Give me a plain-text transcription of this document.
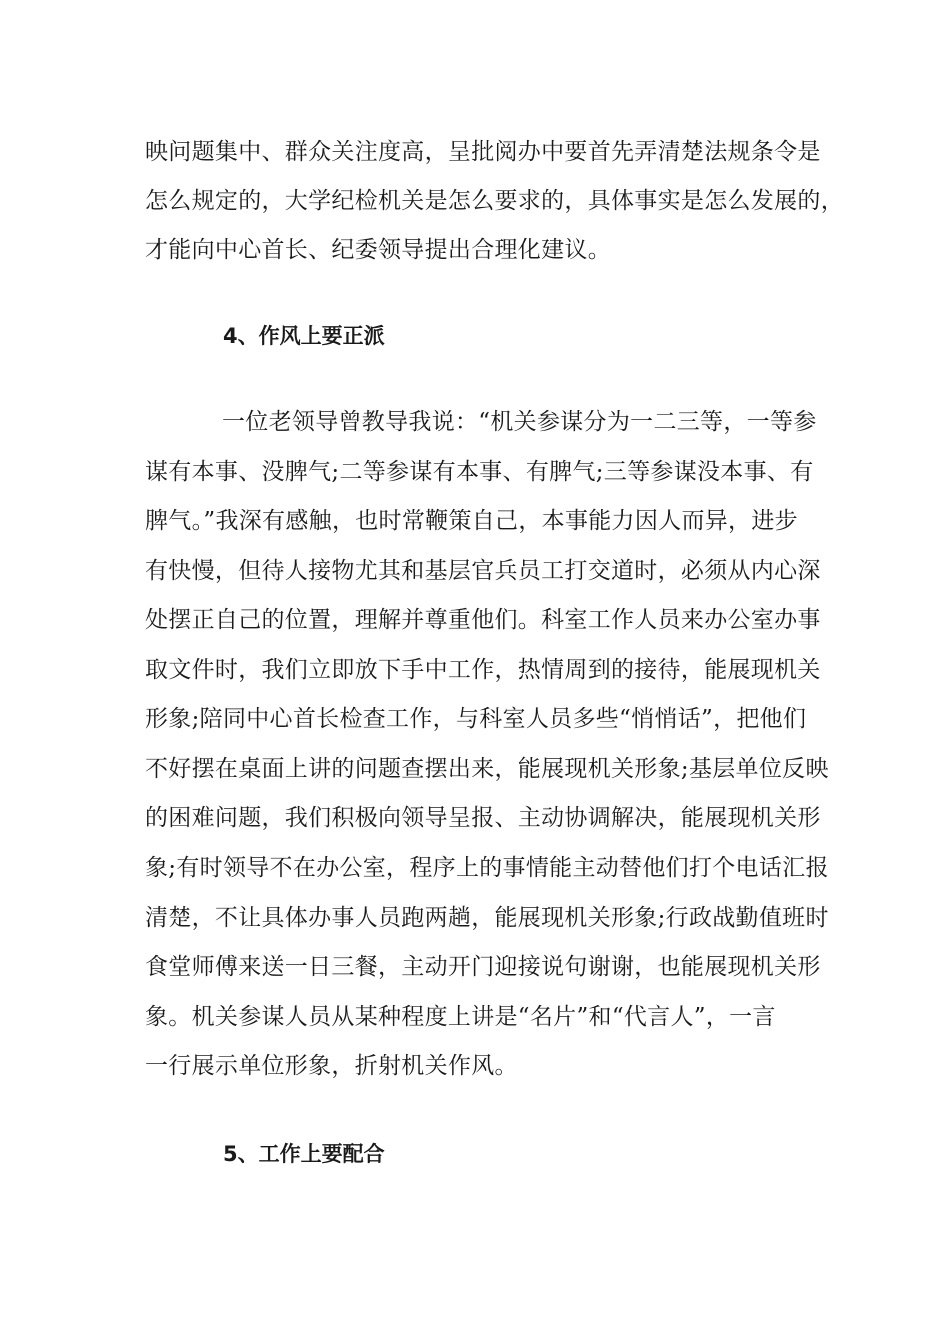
映问题集中、群众关注度高，呈批阅办中要首先弄清楚法规条令是
怎么规定的，大学纪检机关是怎么要求的，具体事实是怎么发展的，
才能向中心首长、纪委领导提出合理化建议。
4、作风上要正派
一位老领导曾教导我说：“机关参谋分为一二三等，一等参
谋有本事、没脾气;二等参谋有本事、有脾气;三等参谋没本事、有
脾气。”我深有感触，也时常鞭策自己，本事能力因人而异，进步
有快慢，但待人接物尤其和基层官兵员工打交道时，必须从内心深
处摆正自己的位置，理解并尊重他们。科室工作人员来办公室办事
取文件时，我们立即放下手中工作，热情周到的接待，能展现机关
形象;陪同中心首长检查工作，与科室人员多些“悄悄话”，把他们
不好摆在桌面上讲的问题查摆出来，能展现机关形象;基层单位反映
的困难问题，我们积极向领导呈报、主动协调解决，能展现机关形
象;有时领导不在办公室，程序上的事情能主动替他们打个电话汇报
清楚，不让具体办事人员跑两趟，能展现机关形象;行政战勤值班时
食堂师傅来送一日三餐，主动开门迎接说句谢谢，也能展现机关形
象。机关参谋人员从某种程度上讲是“名片”和“代言人”，一言
一行展示单位形象，折射机关作风。
5、工作上要配合
